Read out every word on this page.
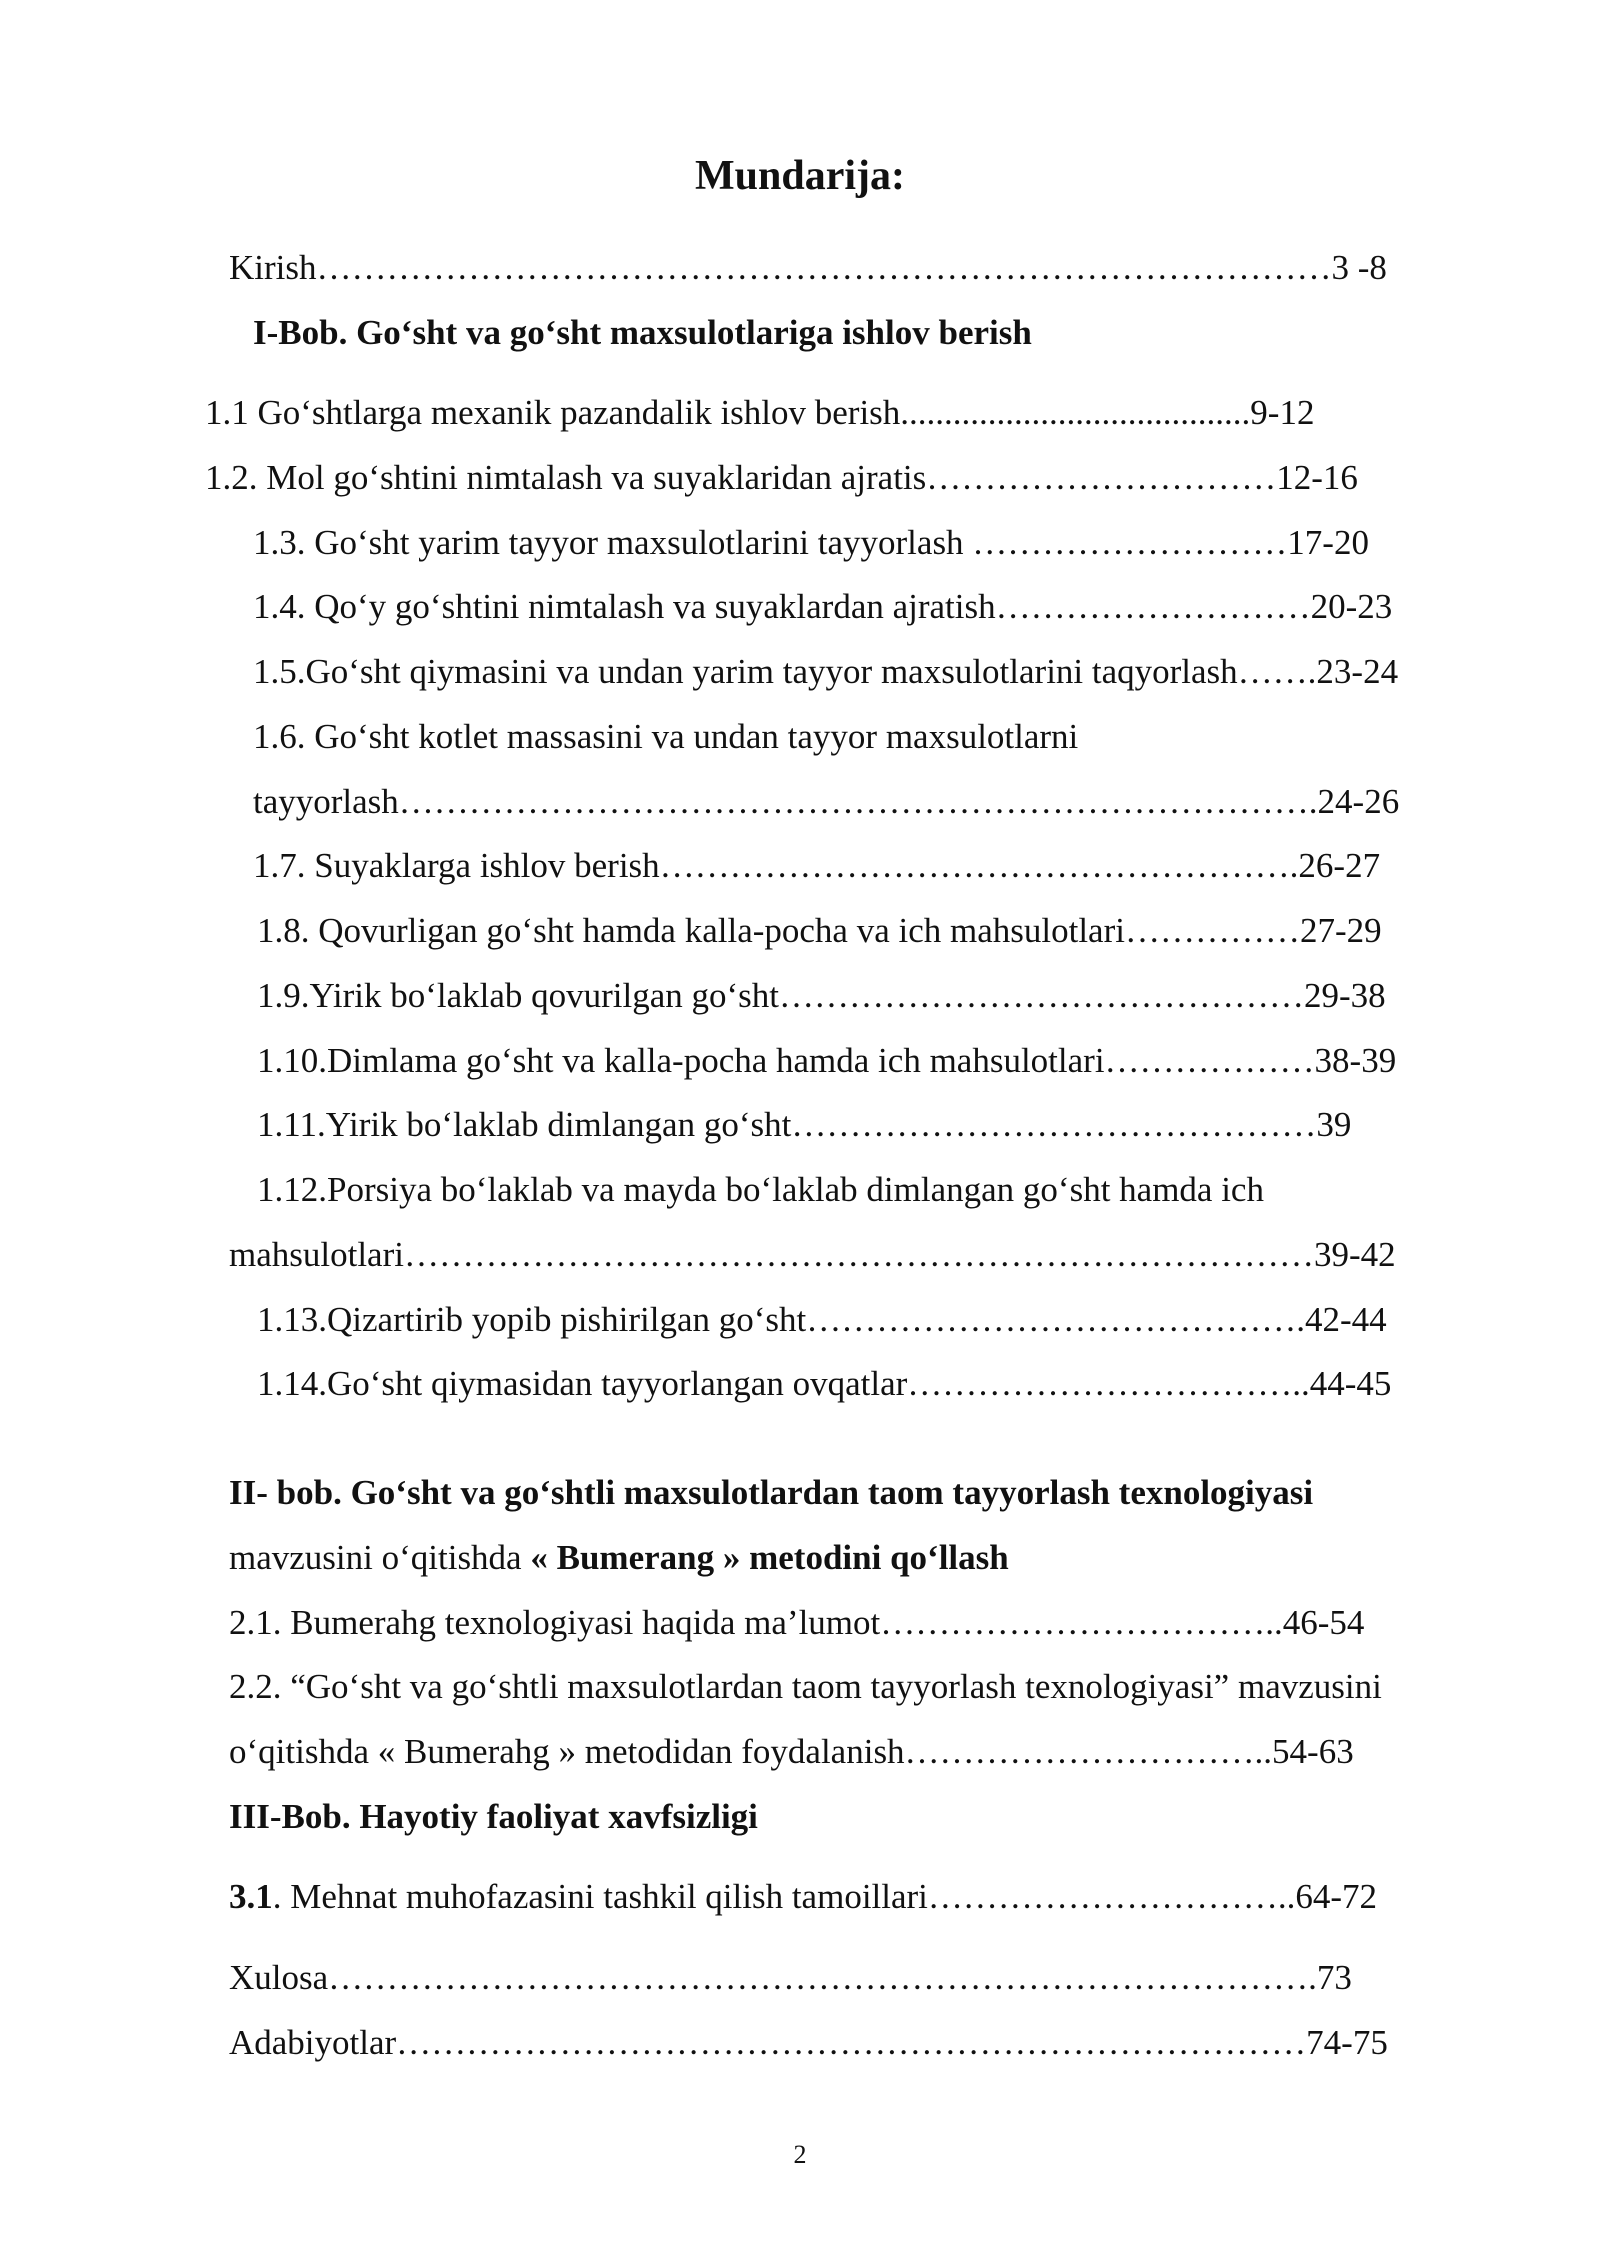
Mundarija:
Kirish……………………………………………………………………………3 -8
I-Bob. Go‘sht va go‘sht maxsulotlariga ishlov berish
1.1 Go‘shtlarga mexanik pazandalik ishlov berish........................................9-12
1.2. Mol go‘shtini nimtalash va suyaklaridan ajratis…………………………12-16
1.3. Go‘sht yarim tayyor maxsulotlarini tayyorlash ………………………17-20
1.4. Qo‘y go‘shtini nimtalash va suyaklardan ajratish………………………20-23
1.5.Go‘sht qiymasini va undan yarim tayyor maxsulotlarini taqyorlash…….23-24
1.6. Go‘sht kotlet massasini va undan tayyor maxsulotlarni
tayyorlash…………………………………………………………………….24-26
1.7. Suyaklarga ishlov berish……………………………………………….26-27
1.8. Qovurligan go‘sht hamda kalla-pocha va ich mahsulotlari……………27-29
1.9.Yirik bo‘laklab qovurilgan go‘sht………………………………………29-38
1.10.Dimlama go‘sht va kalla-pocha hamda ich mahsulotlari………………38-39
1.11.Yirik bo‘laklab dimlangan go‘sht………………………………………39
1.12.Porsiya bo‘laklab va mayda bo‘laklab dimlangan go‘sht hamda ich
mahsulotlari……………………………………………………………………39-42
1.13.Qizartirib yopib pishirilgan go‘sht…………………………………….42-44
1.14.Go‘sht qiymasidan tayyorlangan ovqatlar……………………………..44-45
II- bob. Go‘sht va go‘shtli maxsulotlardan taom tayyorlash texnologiyasi
mavzusini o‘qitishda « Bumerang » metodini qo‘llash
2.1. Bumerahg texnologiyasi haqida ma’lumot……………………………..46-54
2.2. “Go‘sht va go‘shtli maxsulotlardan taom tayyorlash texnologiyasi” mavzusini
o‘qitishda « Bumerahg » metodidan foydalanish…………………………..54-63
III-Bob. Hayotiy faoliyat xavfsizligi
3.1. Mehnat muhofazasini tashkil qilish tamoillari…………………………..64-72
Xulosa………………………………………………………………………….73
Adabiyotlar……………………………………………………………………74-75
2
